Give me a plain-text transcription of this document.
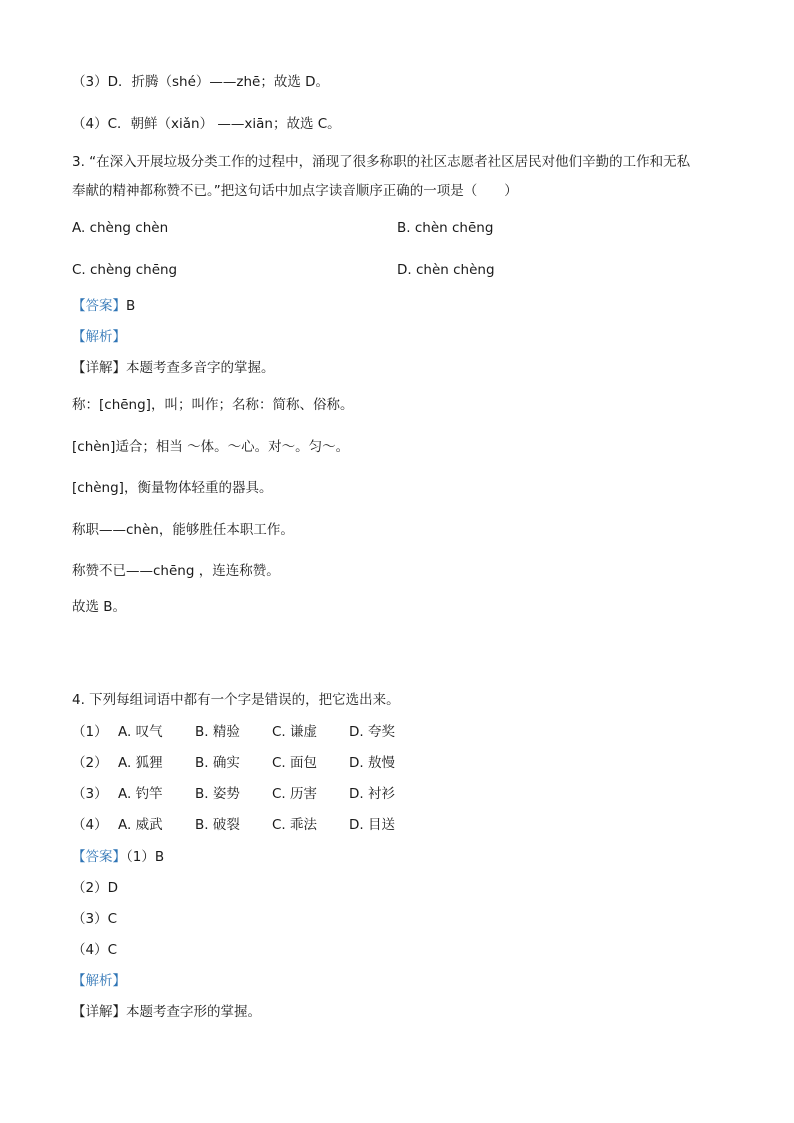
（3）D．折腾（shé）——zhē；故选 D。
（4）C．朝鲜（xiǎn） ——xiān；故选 C。
3. “在深入开展垃圾分类工作的过程中，涌现了很多称职的社区志愿者社区居民对他们辛勤的工作和无私
奉献的精神都称赞不已。”把这句话中加点字读音顺序正确的一项是（　　）
A. chèng chèn	B. chèn chēng
C. chèng chēng	D. chèn chèng
【答案】B
【解析】
【详解】本题考查多音字的掌握。
称：[chēng]，叫；叫作；名称：简称、俗称。
[chèn]适合；相当 ～体。～心。对～。匀～。
[chèng]，衡量物体轻重的器具。
称职——chèn，能够胜任本职工作。
称赞不已——chēng ，连连称赞。
故选 B。
4. 下列每组词语中都有一个字是错误的，把它选出来。
（1） A. 叹气 B. 精验 C. 谦虚 D. 夸奖
（2） A. 狐狸 B. 确实 C. 面包 D. 敖慢
（3） A. 钓竿 B. 姿势 C. 历害 D. 衬衫
（4） A. 威武 B. 破裂 C. 乖法 D. 目送
【答案】（1）B
（2）D
（3）C
（4）C
【解析】
【详解】本题考查字形的掌握。
